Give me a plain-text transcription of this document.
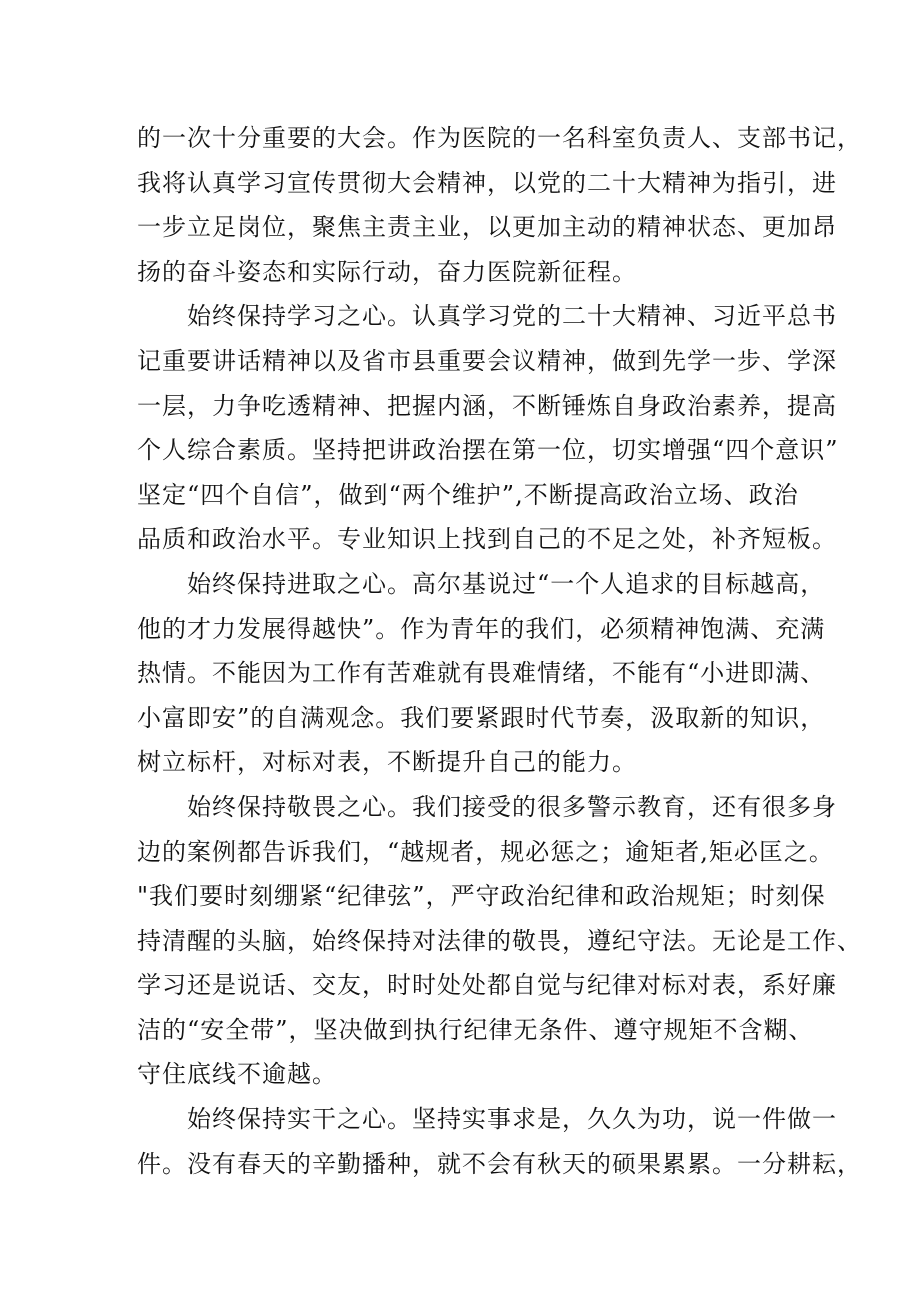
的一次十分重要的大会。作为医院的一名科室负责人、支部书记，
我将认真学习宣传贯彻大会精神，以党的二十大精神为指引，进
一步立足岗位，聚焦主责主业，以更加主动的精神状态、更加昂
扬的奋斗姿态和实际行动，奋力医院新征程。
　　始终保持学习之心。认真学习党的二十大精神、习近平总书
记重要讲话精神以及省市县重要会议精神，做到先学一步、学深
一层，力争吃透精神、把握内涵，不断锤炼自身政治素养，提高
个人综合素质。坚持把讲政治摆在第一位，切实增强“四个意识”
坚定“四个自信”，做到“两个维护”,不断提高政治立场、政治
品质和政治水平。专业知识上找到自己的不足之处，补齐短板。
　　始终保持进取之心。高尔基说过“一个人追求的目标越高，
他的才力发展得越快”。作为青年的我们，必须精神饱满、充满
热情。不能因为工作有苦难就有畏难情绪，不能有“小进即满、
小富即安”的自满观念。我们要紧跟时代节奏，汲取新的知识，
树立标杆，对标对表，不断提升自己的能力。
　　始终保持敬畏之心。我们接受的很多警示教育，还有很多身
边的案例都告诉我们，“越规者，规必惩之；逾矩者,矩必匡之。
"我们要时刻绷紧“纪律弦”，严守政治纪律和政治规矩；时刻保
持清醒的头脑，始终保持对法律的敬畏，遵纪守法。无论是工作、
学习还是说话、交友，时时处处都自觉与纪律对标对表，系好廉
洁的“安全带”，坚决做到执行纪律无条件、遵守规矩不含糊、
守住底线不逾越。
　　始终保持实干之心。坚持实事求是，久久为功，说一件做一
件。没有春天的辛勤播种，就不会有秋天的硕果累累。一分耕耘，
